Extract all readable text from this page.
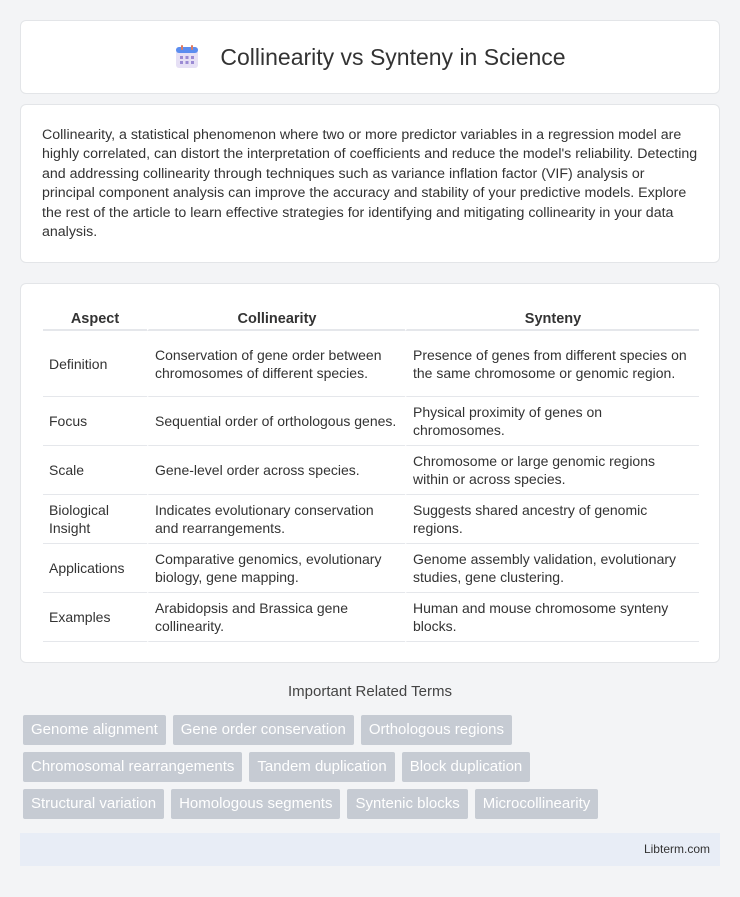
Collinearity vs Synteny in Science

Collinearity, a statistical phenomenon where two or more predictor variables in a regression model are highly correlated, can distort the interpretation of coefficients and reduce the model's reliability. Detecting and addressing collinearity through techniques such as variance inflation factor (VIF) analysis or principal component analysis can improve the accuracy and stability of your predictive models. Explore the rest of the article to learn effective strategies for identifying and mitigating collinearity in your data analysis.

Aspect	Collinearity	Synteny
Definition	Conservation of gene order between chromosomes of different species.	Presence of genes from different species on the same chromosome or genomic region.
Focus	Sequential order of orthologous genes.	Physical proximity of genes on chromosomes.
Scale	Gene-level order across species.	Chromosome or large genomic regions within or across species.
Biological Insight	Indicates evolutionary conservation and rearrangements.	Suggests shared ancestry of genomic regions.
Applications	Comparative genomics, evolutionary biology, gene mapping.	Genome assembly validation, evolutionary studies, gene clustering.
Examples	Arabidopsis and Brassica gene collinearity.	Human and mouse chromosome synteny blocks.
Important Related Terms
Genome alignment	Gene order conservation	Orthologous regions
Chromosomal rearrangements	Tandem duplication	Block duplication
Structural variation	Homologous segments	Syntenic blocks	Microcollinearity
Libterm.com
